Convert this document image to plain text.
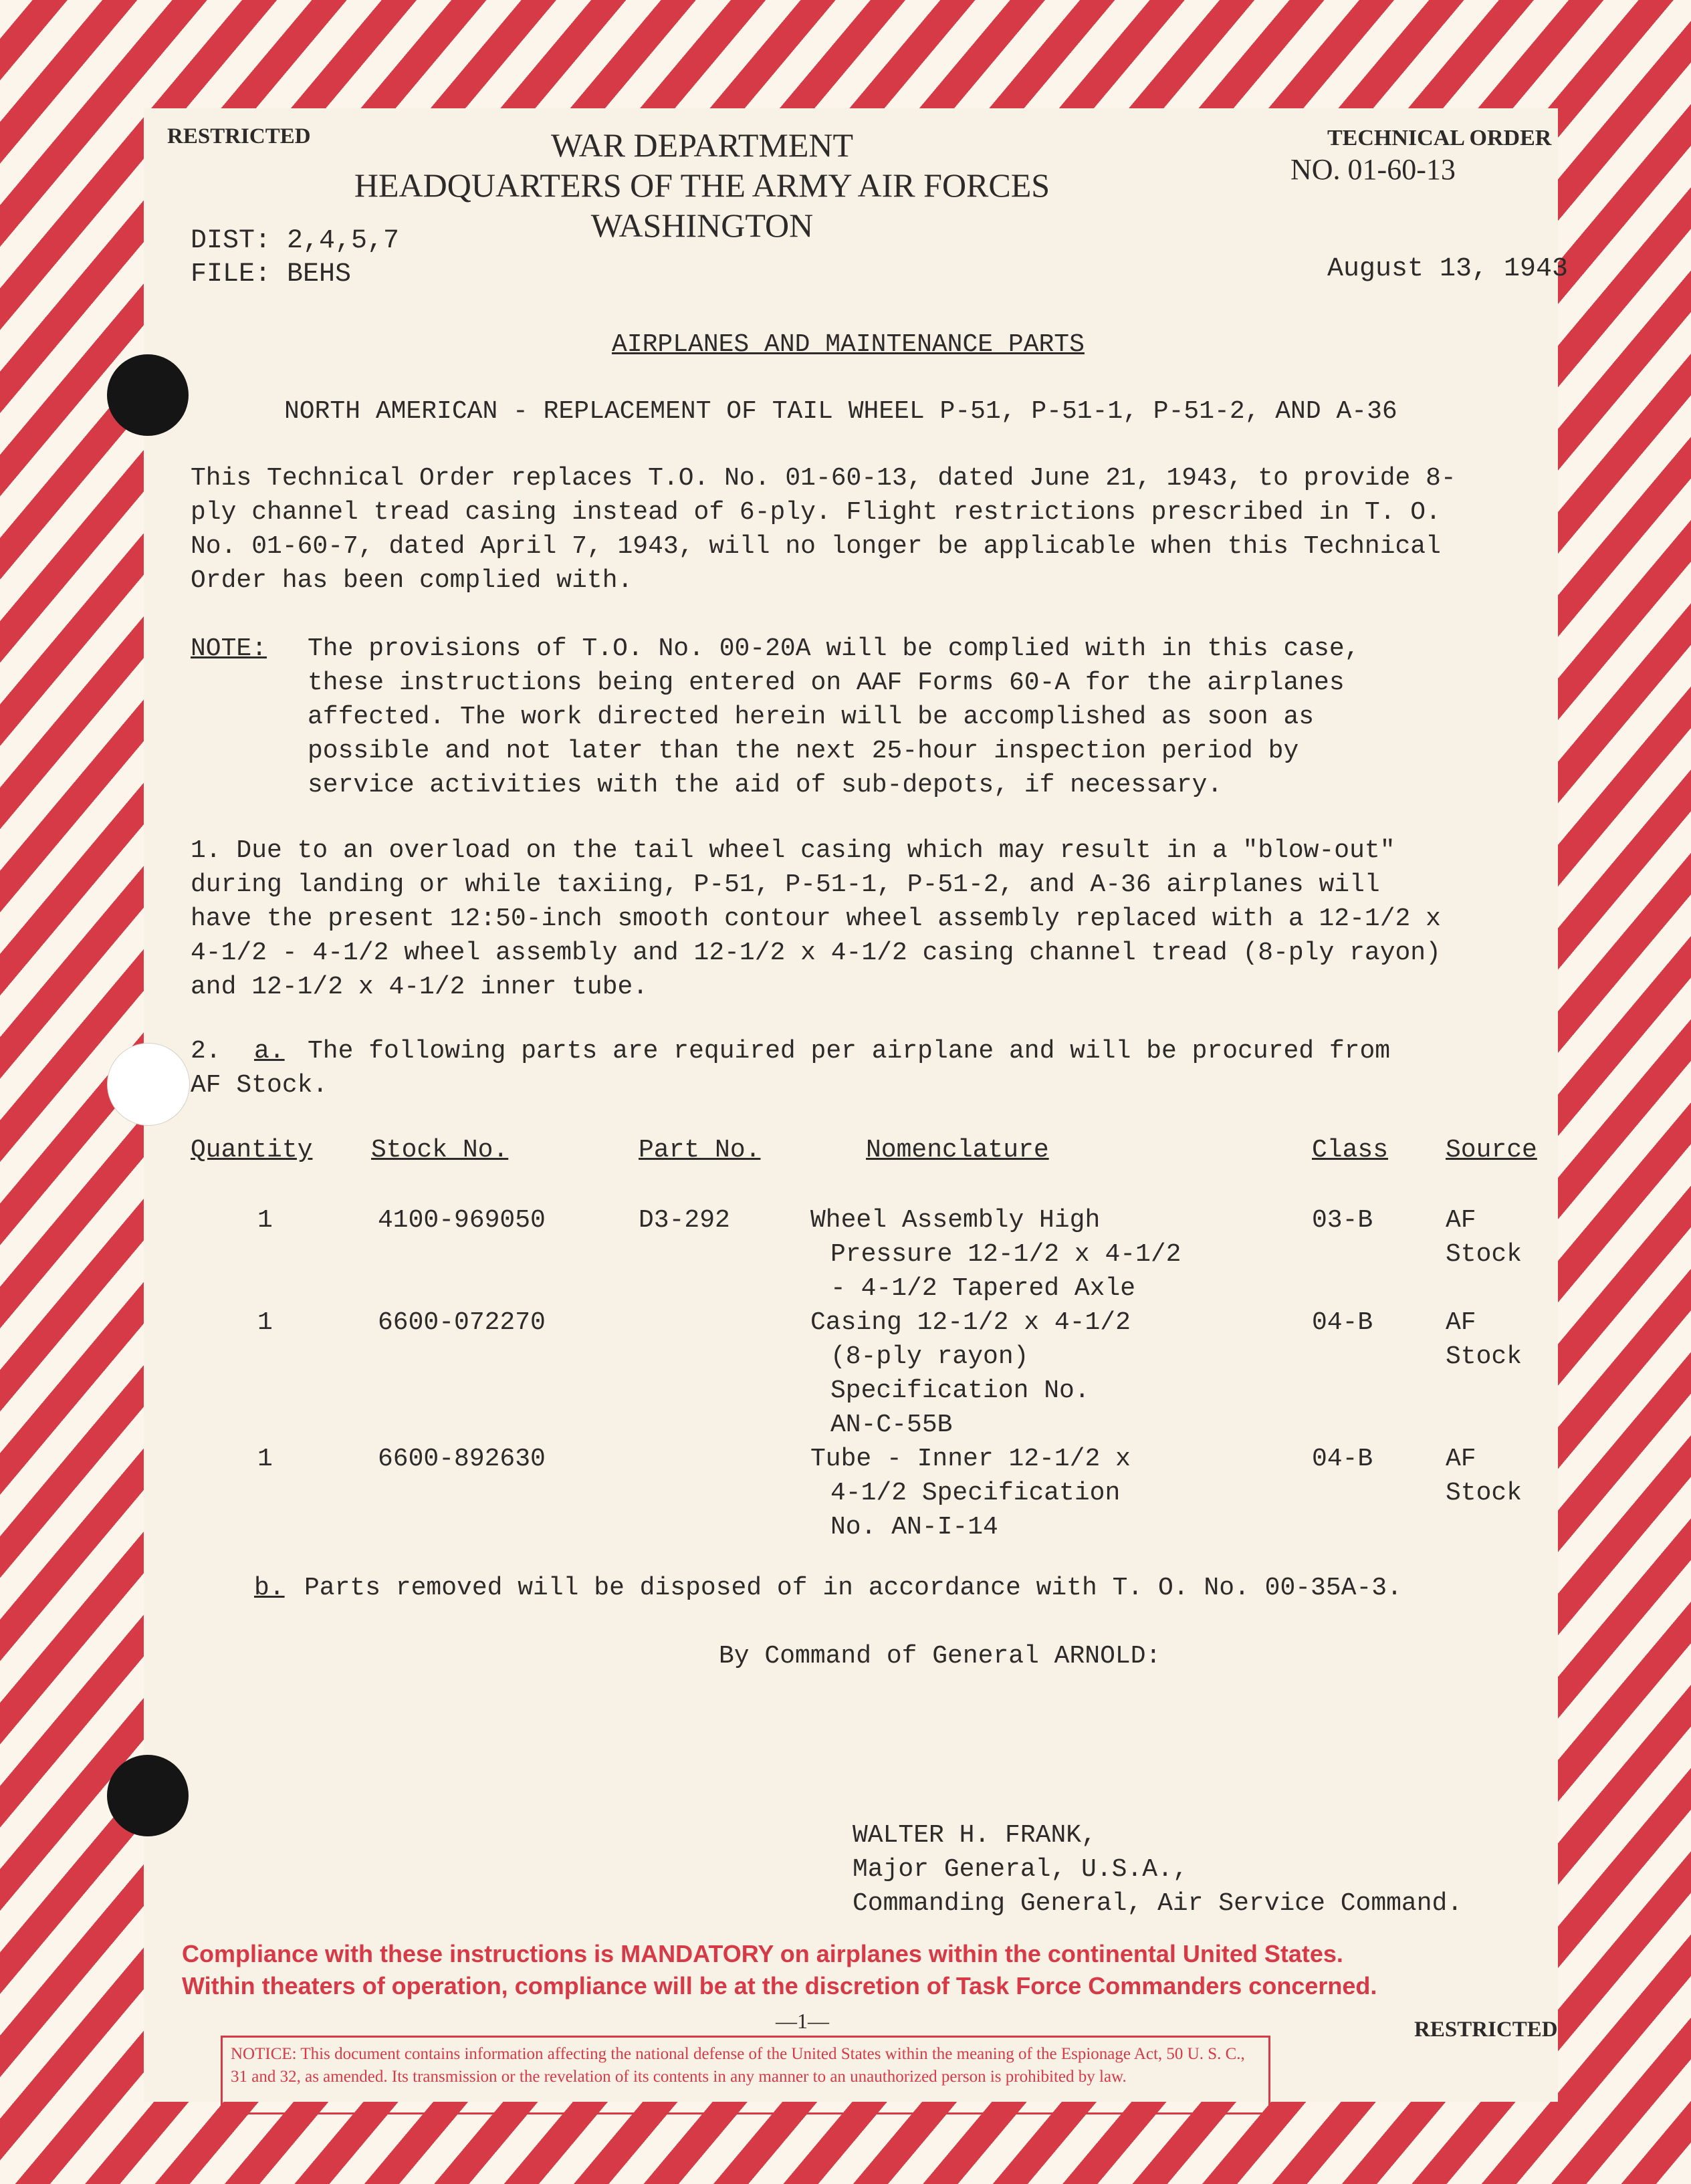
RESTRICTED	WAR DEPARTMENT
HEADQUARTERS OF THE ARMY AIR FORCES
WASHINGTON
TECHNICAL ORDER
NO. 01-60-13
DIST: 2,4,5,7
FILE: BEHS	August 13, 1943
AIRPLANES AND MAINTENANCE PARTS
NORTH AMERICAN - REPLACEMENT OF TAIL WHEEL P-51, P-51-1, P-51-2, AND A-36
This Technical Order replaces T.O. No. 01-60-13, dated June 21, 1943, to provide 8-
ply channel tread casing instead of 6-ply. Flight restrictions prescribed in T. O.
No. 01-60-7, dated April 7, 1943, will no longer be applicable when this Technical
Order has been complied with.
NOTE: The provisions of T.O. No. 00-20A will be complied with in this case,
these instructions being entered on AAF Forms 60-A for the airplanes
affected. The work directed herein will be accomplished as soon as
possible and not later than the next 25-hour inspection period by
service activities with the aid of sub-depots, if necessary.
1. Due to an overload on the tail wheel casing which may result in a "blow-out"
during landing or while taxiing, P-51, P-51-1, P-51-2, and A-36 airplanes will
have the present 12:50-inch smooth contour wheel assembly replaced with a 12-1/2 x
4-1/2 - 4-1/2 wheel assembly and 12-1/2 x 4-1/2 casing channel tread (8-ply rayon)
and 12-1/2 x 4-1/2 inner tube.
2. a. The following parts are required per airplane and will be procured from
AF Stock.
Quantity	Stock No.	Part No.	Nomenclature	Class	Source
1	4100-969050	D3-292	Wheel Assembly High
Pressure 12-1/2 x 4-1/2
- 4-1/2 Tapered Axle	03-B	AF Stock
1	6600-072270		Casing 12-1/2 x 4-1/2
(8-ply rayon)
Specification No.
AN-C-55B	04-B	AF Stock
1	6600-892630		Tube - Inner 12-1/2 x
4-1/2 Specification
No. AN-I-14	04-B	AF Stock
b. Parts removed will be disposed of in accordance with T. O. No. 00-35A-3.
By Command of General ARNOLD:
WALTER H. FRANK,
Major General, U.S.A.,
Commanding General, Air Service Command.
Compliance with these instructions is MANDATORY on airplanes within the continental United States.
Within theaters of operation, compliance will be at the discretion of Task Force Commanders concerned.
—1—	RESTRICTED
NOTICE: This document contains information affecting the national defense of the United States within the meaning of the Espionage Act, 50 U. S. C., 31 and 32, as amended. Its transmission or the revelation of its contents in any manner to an unauthorized person is prohibited by law.
